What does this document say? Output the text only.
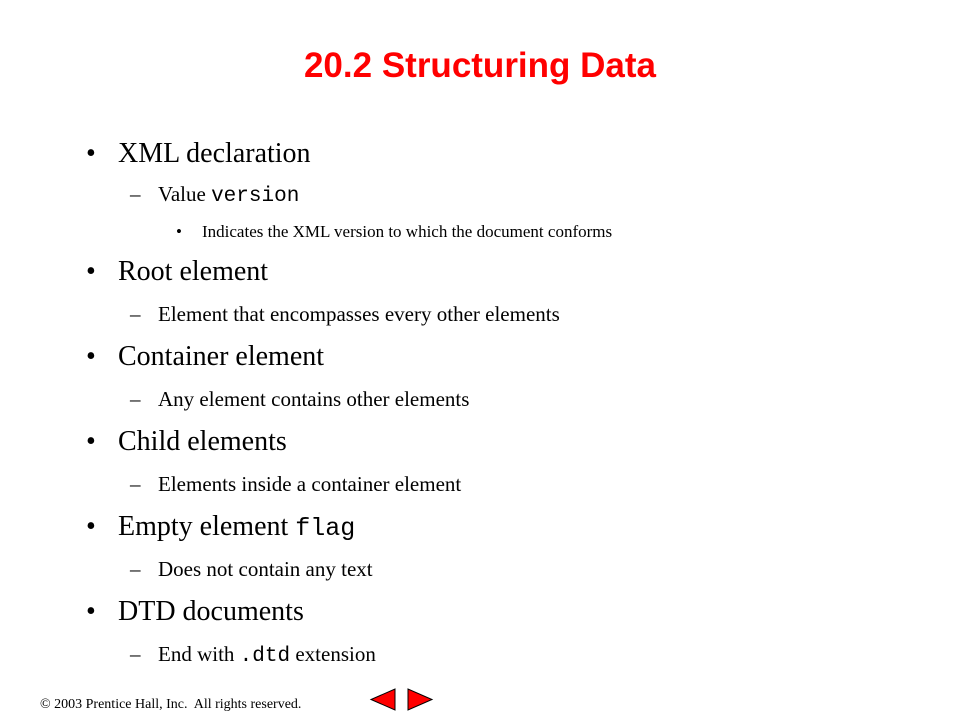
20.2 Structuring Data
• XML declaration
– Value version
• Indicates the XML version to which the document conforms
• Root element
– Element that encompasses every other elements
• Container element
– Any element contains other elements
• Child elements
– Elements inside a container element
• Empty element flag
– Does not contain any text
• DTD documents
– End with .dtd extension
© 2003 Prentice Hall, Inc.  All rights reserved.
